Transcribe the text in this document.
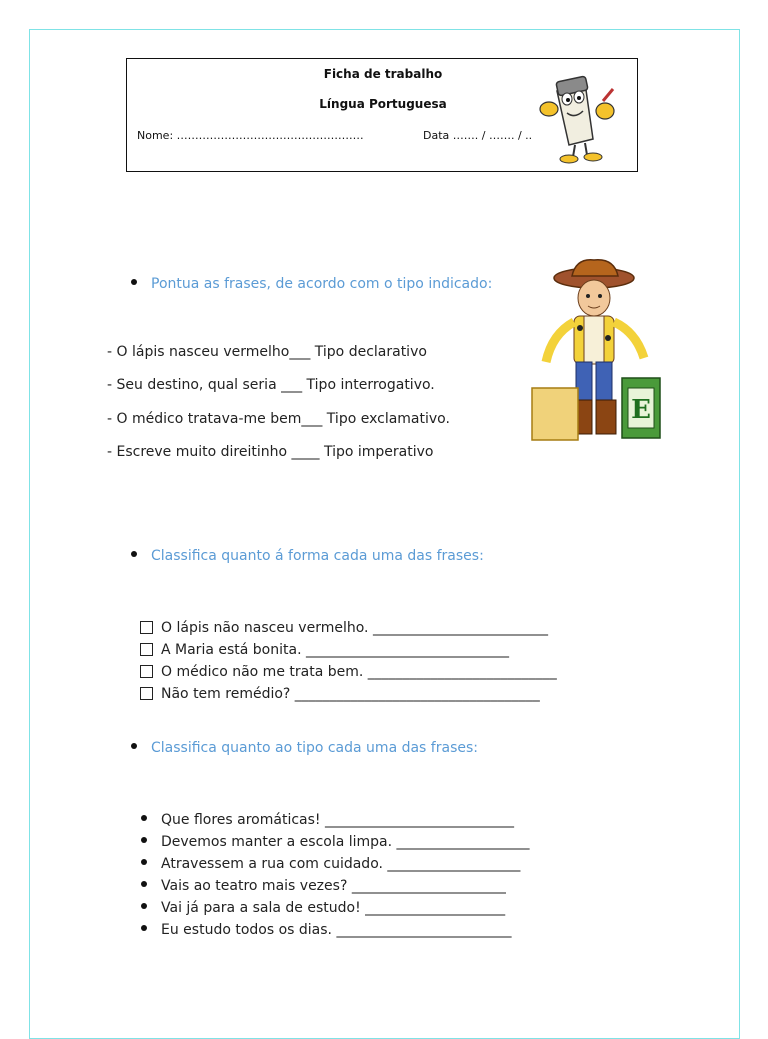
Ficha de trabalho
Língua Portuguesa
Nome: ……………………………………………	Data ……. / ……. / ..
Pontua as frases, de acordo com o tipo indicado:
- O lápis nasceu vermelho___ Tipo declarativo
- Seu destino, qual seria ___ Tipo interrogativo.
- O médico tratava-me bem___ Tipo exclamativo.
- Escreve muito direitinho ____ Tipo imperativo
E
Classifica quanto á forma cada uma das frases:
O lápis não nasceu vermelho. _________________________
A Maria está bonita. _____________________________
O médico não me trata bem. ___________________________
Não tem remédio? ___________________________________
Classifica quanto ao tipo cada uma das frases:
Que flores aromáticas! ___________________________
Devemos manter a escola limpa. ___________________
Atravessem a rua com cuidado. ___________________
Vais ao teatro mais vezes? ______________________
Vai já para a sala de estudo! ____________________
Eu estudo todos os dias. _________________________
